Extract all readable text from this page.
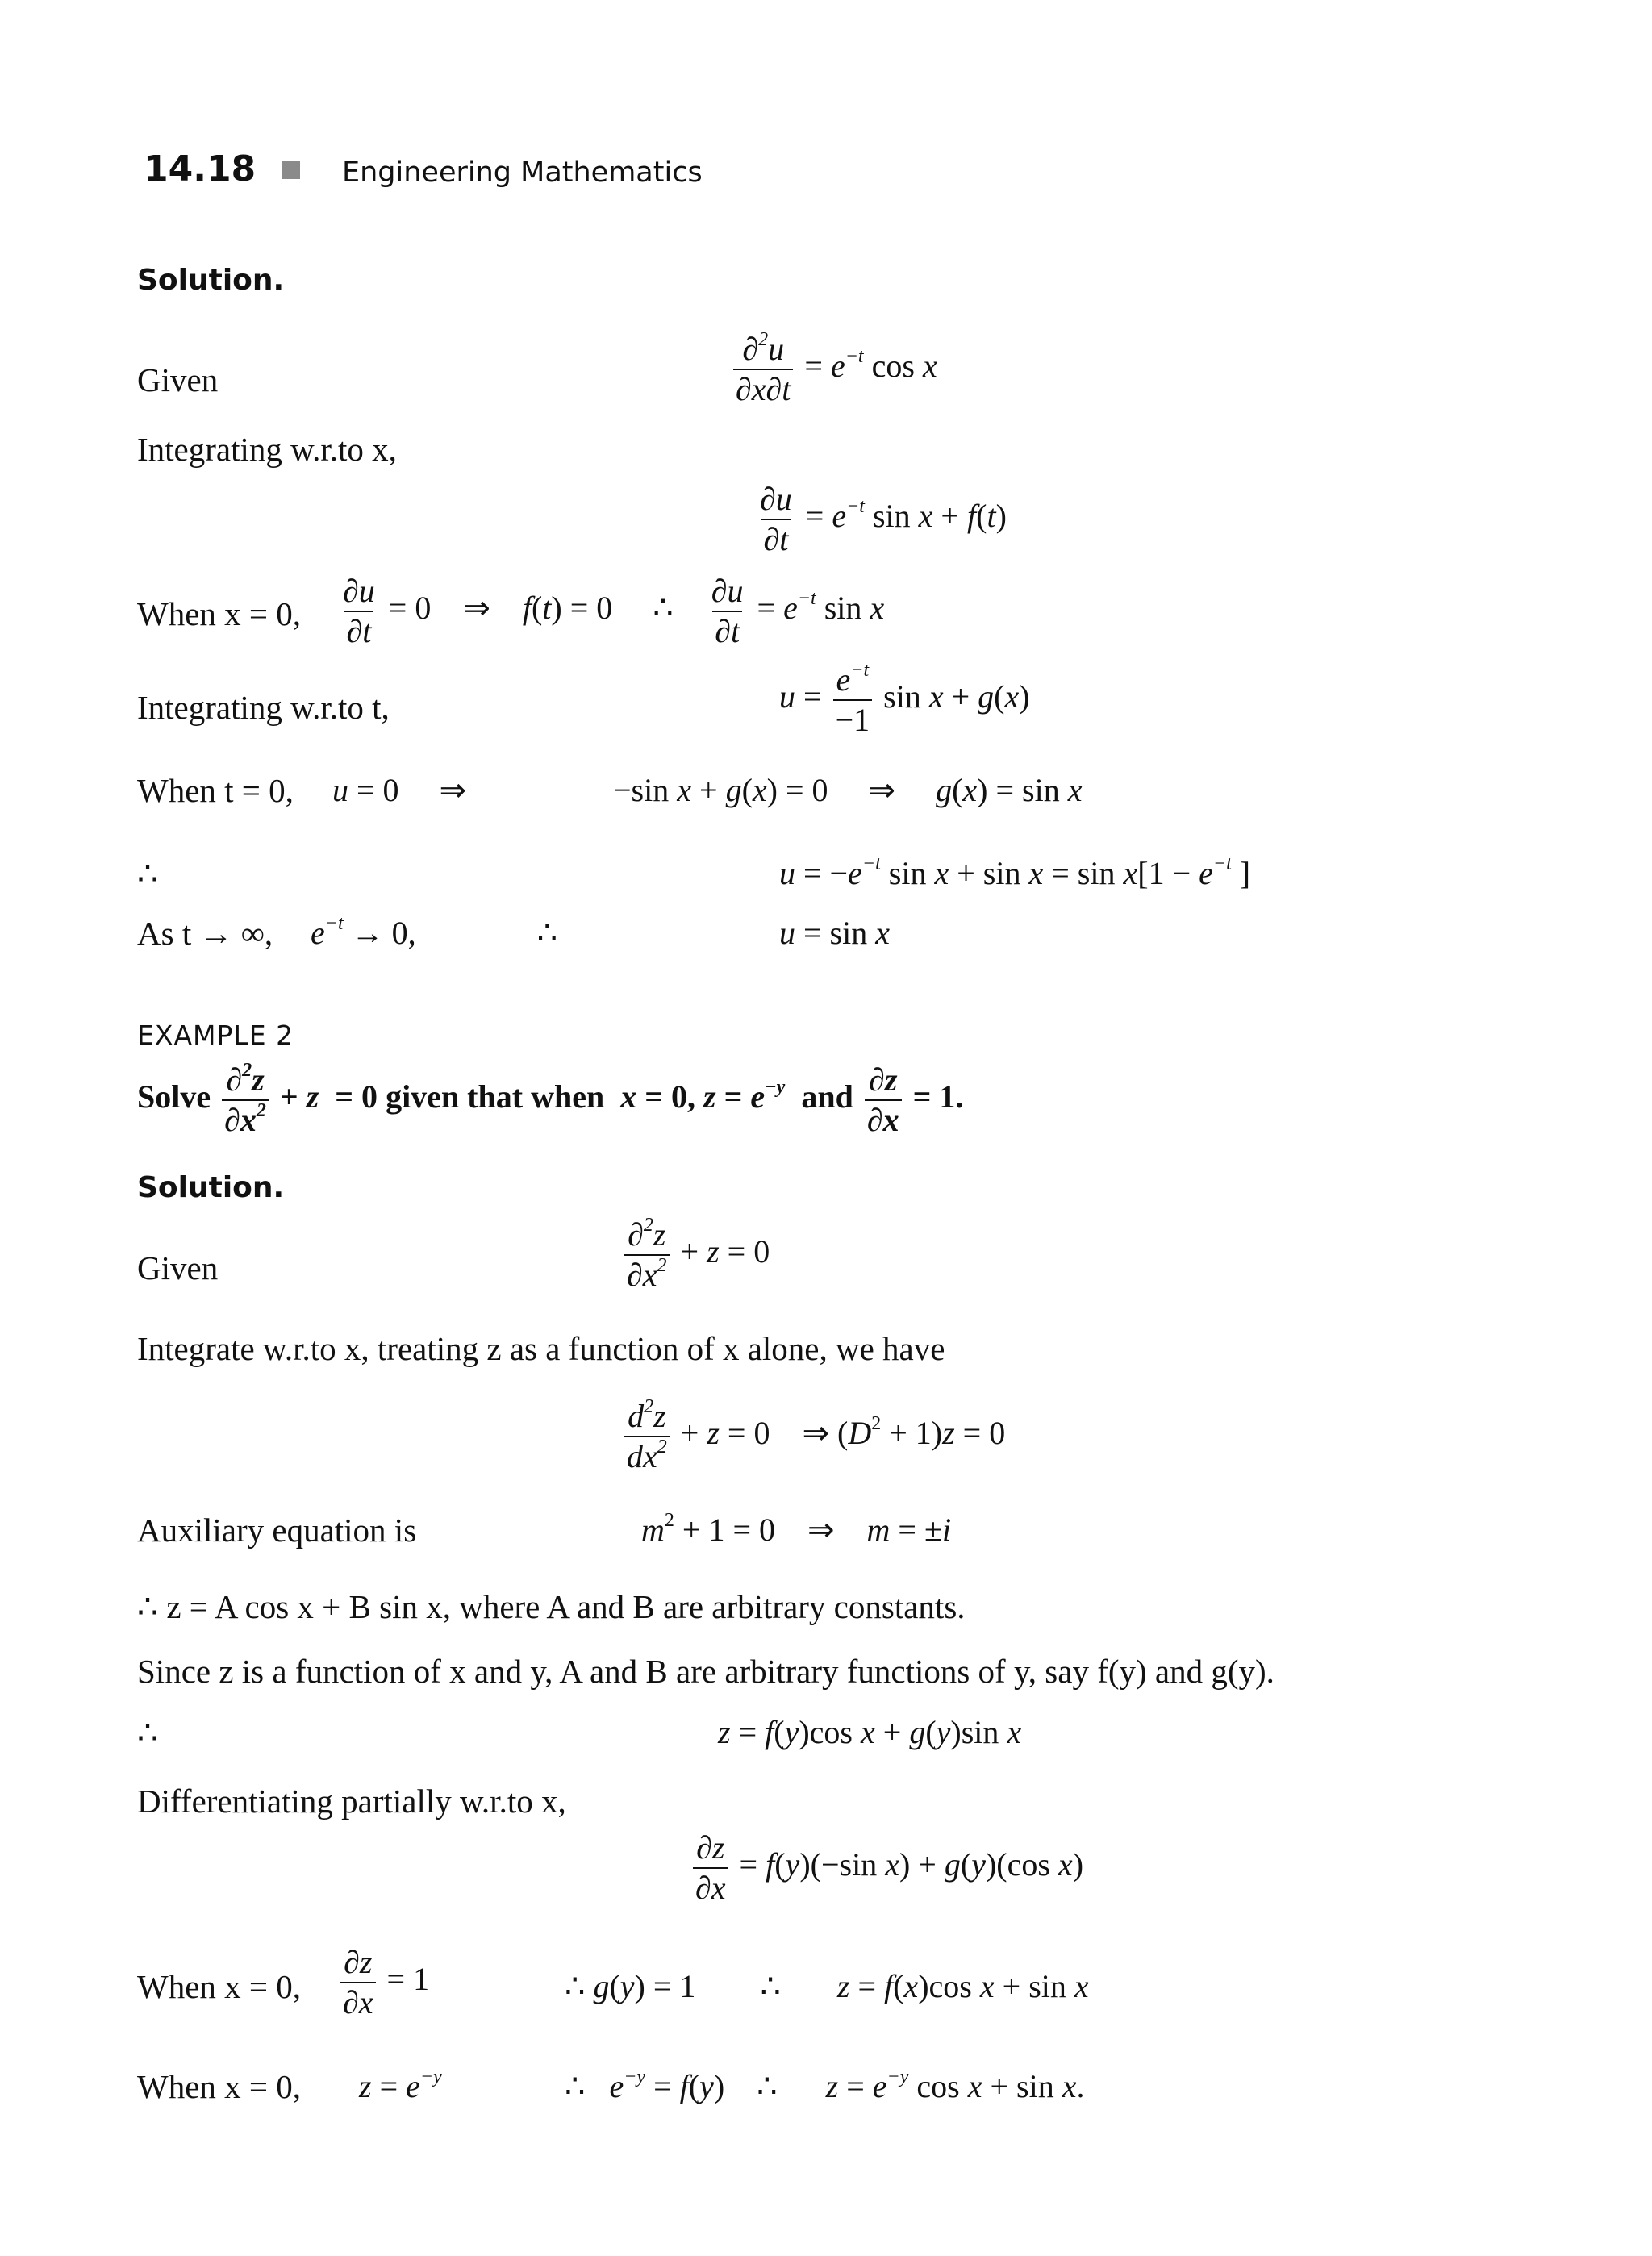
14.18	Engineering Mathematics
Solution.
Given	$\frac{\partial^2u}{\partial x\partial t} = e^{-t}$ cos x
Integrating w.r.to x,
$\frac{\partial u}{\partial t} = e^{-t}$ sin x + f(t)
When x = 0, $\frac{\partial u}{\partial t} = 0$    ⇒    f(t) = 0     ∴ $\frac{\partial u}{\partial t} = e^{-t}$ sin x
Integrating w.r.to t,	$u = \frac{e^{-t}}{-1}$ sin x + g(x)
When t = 0, u = 0     ⇒	−sin x + g(x) = 0     ⇒     g(x) = sin x
∴	$u = -e^{-t}$ $\sin x + \sin x = \sin x[1 - e^{-t}$ ]
As t → ∞, $e^{-t} \to 0$,               ∴	u = sin x
EXAMPLE 2
Solve $\frac{\partial^2z}{\partial x^2} + z = 0$ given that when x = 0, $z = e^{-y}$ and $\frac{\partial z}{\partial x} = 1$.
Solution.
Given	$\frac{\partial^2z}{\partial x^2} + z = 0$
Integrate w.r.to x, treating z as a function of x alone, we have
$\frac{d^2z}{dx^2} + z = 0$    ⇒ $(D^2 + 1)z = 0$
Auxiliary equation is	$m^2 + 1 = 0$    ⇒    m = ±i
∴ z = A cos x + B sin x, where A and B are arbitrary constants.
Since z is a function of x and y, A and B are arbitrary functions of y, say f(y) and g(y).
∴	z = f(y)cos x + g(y)sin x
Differentiating partially w.r.to x,
$\frac{\partial z}{\partial x} = f(y)(-\sin$ x) + g(y)(cos x)
When x = 0, $\frac{\partial z}{\partial x} = 1$	∴ g(y) = 1        ∴       z = f(x)cos x + sin x
When x = 0, $z = e^{-y}$	∴   $e^{-y} = f(y)$    ∴      $z = e^{-y}$ cos x + sin x.
